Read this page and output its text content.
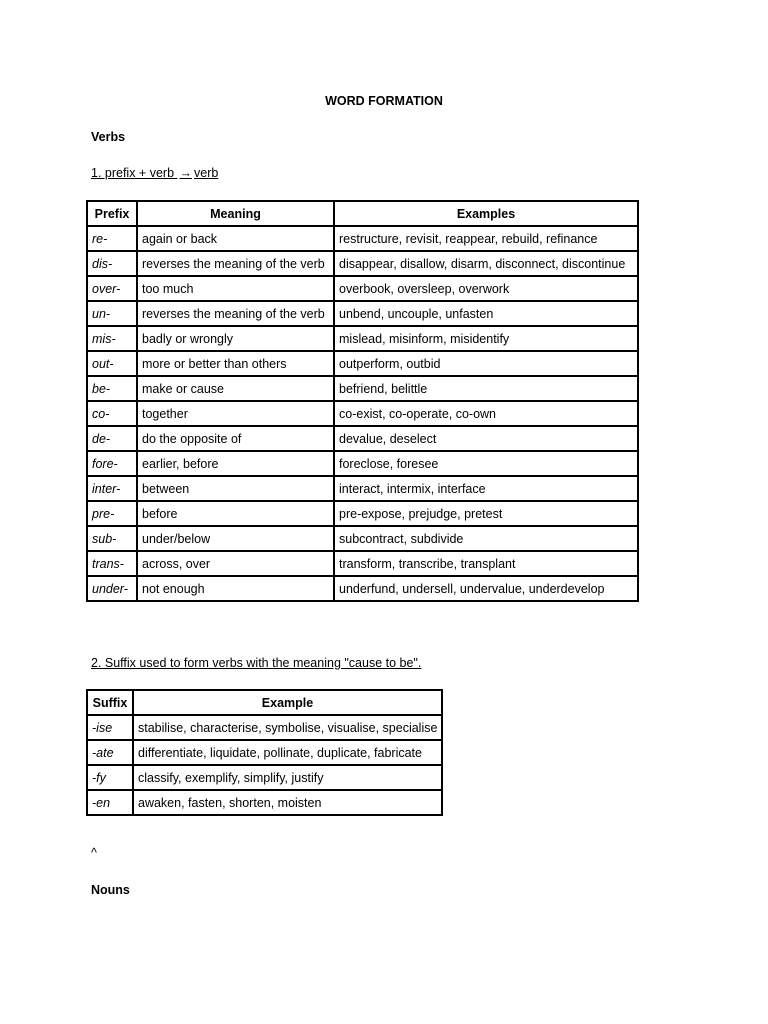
WORD FORMATION
Verbs
1. prefix + verb → verb
Prefix	Meaning	Examples
re-	again or back	restructure, revisit, reappear, rebuild, refinance
dis-	reverses the meaning of the verb	disappear, disallow, disarm, disconnect, discontinue
over-	too much	overbook, oversleep, overwork
un-	reverses the meaning of the verb	unbend, uncouple, unfasten
mis-	badly or wrongly	mislead, misinform, misidentify
out-	more or better than others	outperform, outbid
be-	make or cause	befriend, belittle
co-	together	co-exist, co-operate, co-own
de-	do the opposite of	devalue, deselect
fore-	earlier, before	foreclose, foresee
inter-	between	interact, intermix, interface
pre-	before	pre-expose, prejudge, pretest
sub-	under/below	subcontract, subdivide
trans-	across, over	transform, transcribe, transplant
under-	not enough	underfund, undersell, undervalue, underdevelop
2. Suffix used to form verbs with the meaning "cause to be".
Suffix	Example
-ise	stabilise, characterise, symbolise, visualise, specialise
-ate	differentiate, liquidate, pollinate, duplicate, fabricate
-fy	classify, exemplify, simplify, justify
-en	awaken, fasten, shorten, moisten
^
Nouns
